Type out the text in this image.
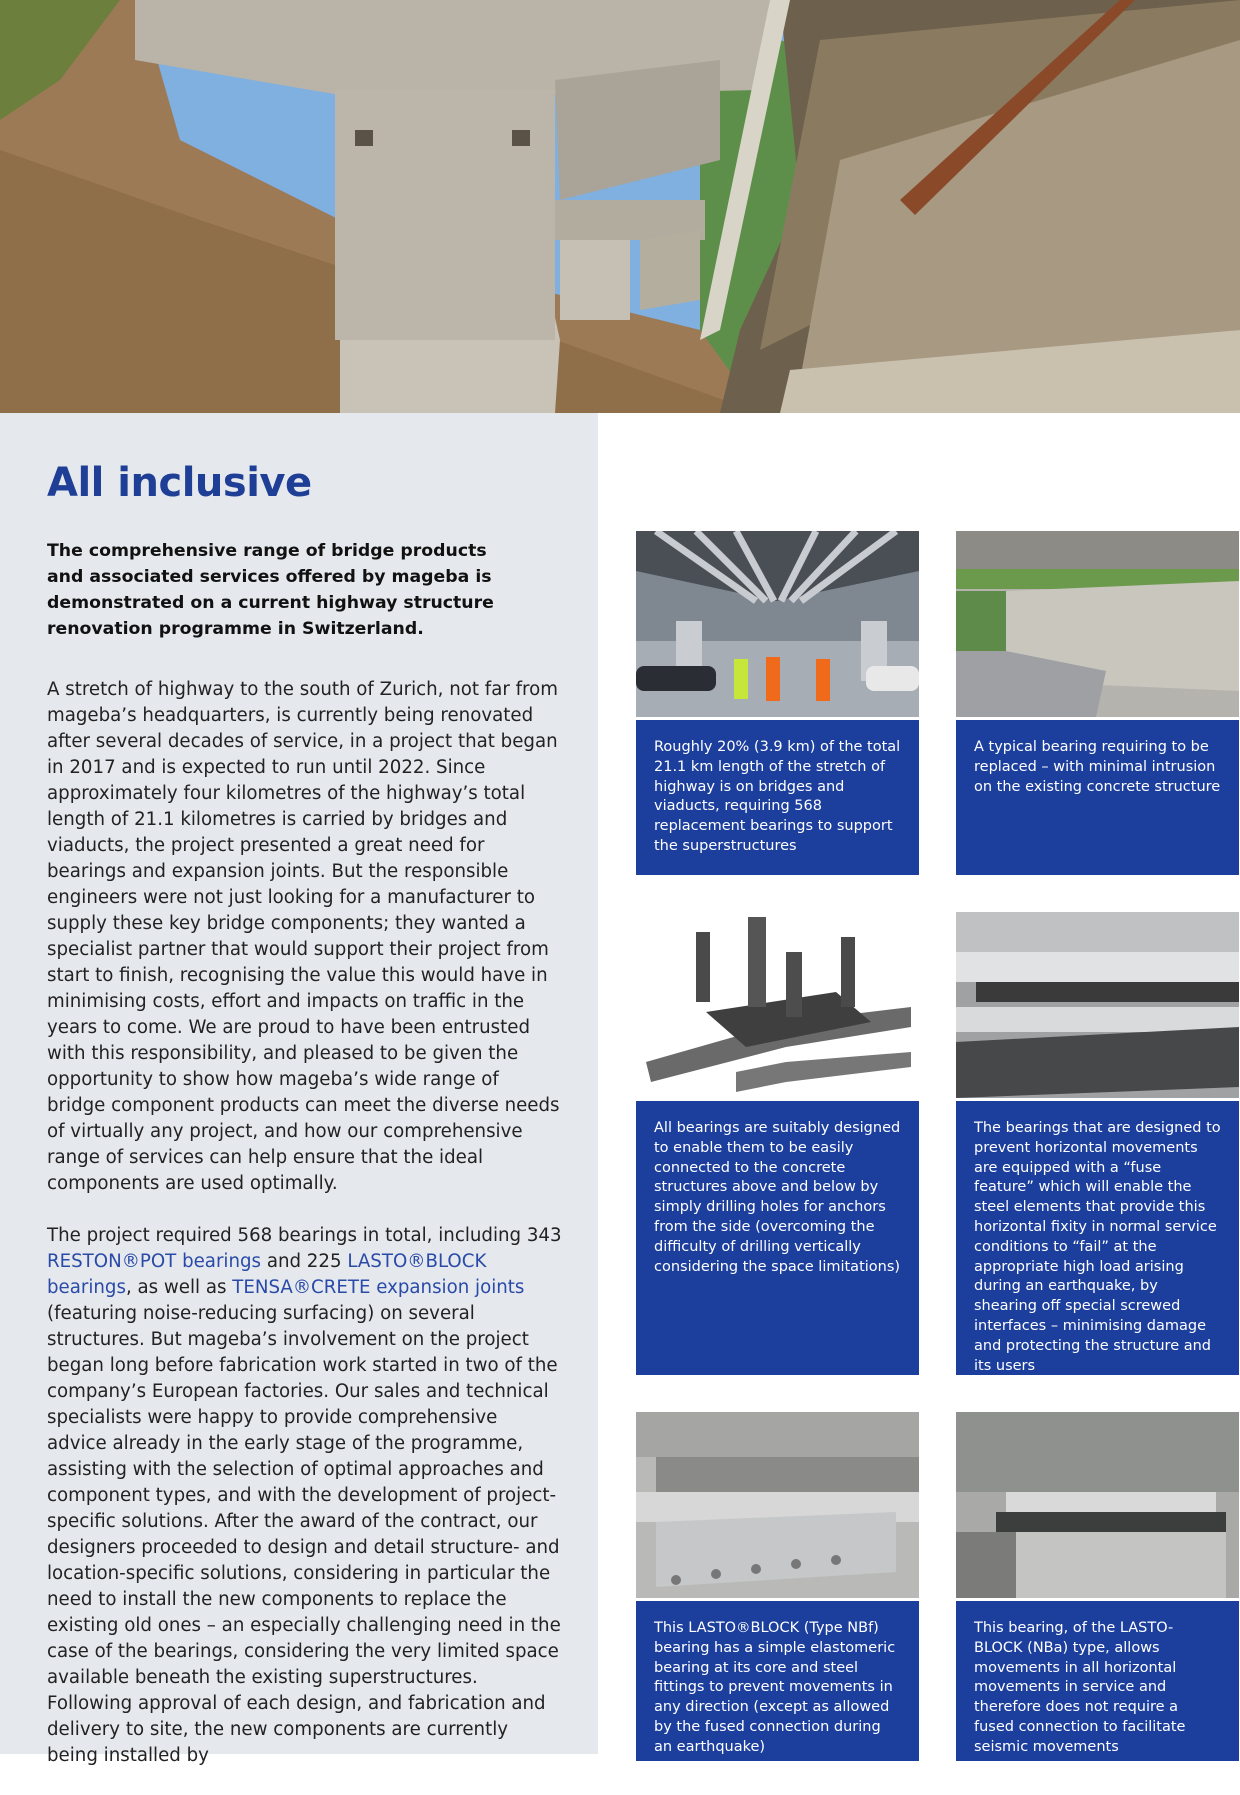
All inclusive

The comprehensive range of bridge products and associated services offered by mageba is demonstrated on a current highway structure renovation programme in Switzerland.

A stretch of highway to the south of Zurich, not far from mageba’s headquarters, is currently being renovated after several decades of service, in a project that began in 2017 and is expected to run until 2022. Since approximately four kilometres of the highway’s total length of 21.1 kilometres is carried by bridges and viaducts, the project presented a great need for bearings and expansion joints. But the responsible engineers were not just looking for a manufacturer to supply these key bridge components; they wanted a specialist partner that would support their project from start to finish, recognising the value this would have in minimising costs, effort and impacts on traffic in the years to come. We are proud to have been entrusted with this responsibility, and pleased to be given the opportunity to show how mageba’s wide range of bridge component products can meet the diverse needs of virtually any project, and how our comprehensive range of services can help ensure that the ideal components are used optimally.

The project required 568 bearings in total, including 343 RESTON®POT bearings and 225 LASTO®BLOCK bearings, as well as TENSA®CRETE expansion joints (featuring noise-reducing surfacing) on several structures. But mageba’s involvement on the project began long before fabrication work started in two of the company’s European factories. Our sales and technical specialists were happy to provide comprehensive advice already in the early stage of the programme, assisting with the selection of optimal approaches and component types, and with the development of project-specific solutions. After the award of the contract, our designers proceeded to design and detail structure- and location-specific solutions, considering in particular the need to install the new components to replace the existing old ones – an especially challenging need in the case of the bearings, considering the very limited space available beneath the existing superstructures. Following approval of each design, and fabrication and delivery to site, the new components are currently being installed by

Roughly 20% (3.9 km) of the total 21.1 km length of the stretch of highway is on bridges and viaducts, requiring 568 replacement bearings to support the superstructures
A typical bearing requiring to be replaced – with minimal intrusion on the existing concrete structure
All bearings are suitably designed to enable them to be easily connected to the concrete structures above and below by simply drilling holes for anchors from the side (overcoming the difficulty of drilling vertically considering the space limitations)
The bearings that are designed to prevent horizontal movements are equipped with a “fuse feature” which will enable the steel elements that provide this horizontal fixity in normal service conditions to “fail” at the appropriate high load arising during an earthquake, by shearing off special screwed interfaces – minimising damage and protecting the structure and its users
This LASTO®BLOCK (Type NBf) bearing has a simple elastomeric bearing at its core and steel fittings to prevent movements in any direction (except as allowed by the fused connection during an earthquake)
This bearing, of the LASTO-BLOCK (NBa) type, allows movements in all horizontal movements in service and therefore does not require a fused connection to facilitate seismic movements
